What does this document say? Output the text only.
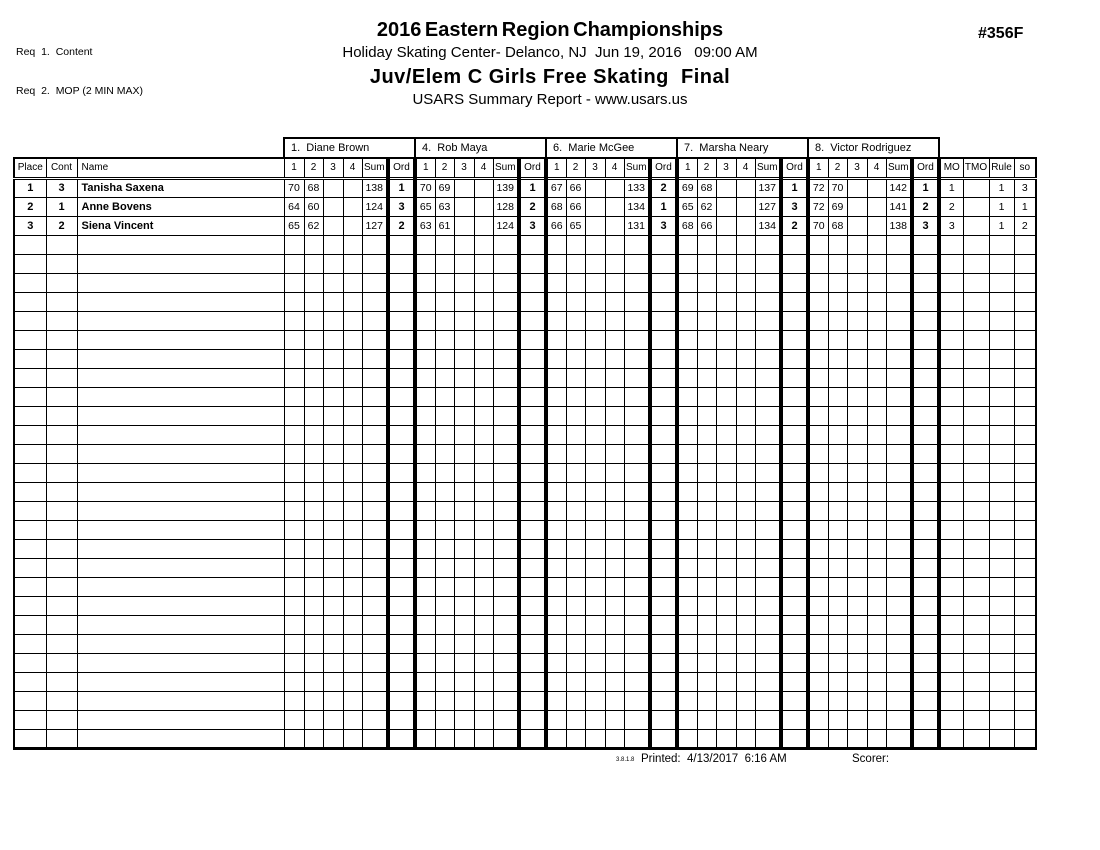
Req  1.  Content

Req  2.  MOP (2 MIN MAX)

#356F
2016 Eastern Region Championships
Holiday Skating Center- Delanco, NJ  Jun 19, 2016   09:00 AM
Juv/Elem C Girls Free Skating  Final
USARS Summary Report - www.usars.us
			1.  Diane Brown						4.  Rob Maya						6.  Marie McGee						7.  Marsha Neary						8.  Victor Rodriguez									
Place	Cont	Name	1	2	3	4	Sum	Ord	1	2	3	4	Sum	Ord	1	2	3	4	Sum	Ord	1	2	3	4	Sum	Ord	1	2	3	4	Sum	Ord	MO	TMO	Rule	so
1	3	Tanisha Saxena	70	68			138	1	70	69			139	1	67	66			133	2	69	68			137	1	72	70			142	1	1		1	3
2	1	Anne Bovens	64	60			124	3	65	63			128	2	68	66			134	1	65	62			127	3	72	69			141	2	2		1	1
3	2	Siena Vincent	65	62			127	2	63	61			124	3	66	65			131	3	68	66			134	2	70	68			138	3	3		1	2

3.8.1.8 Printed:  4/13/2017  6:16 AM	Scorer:
